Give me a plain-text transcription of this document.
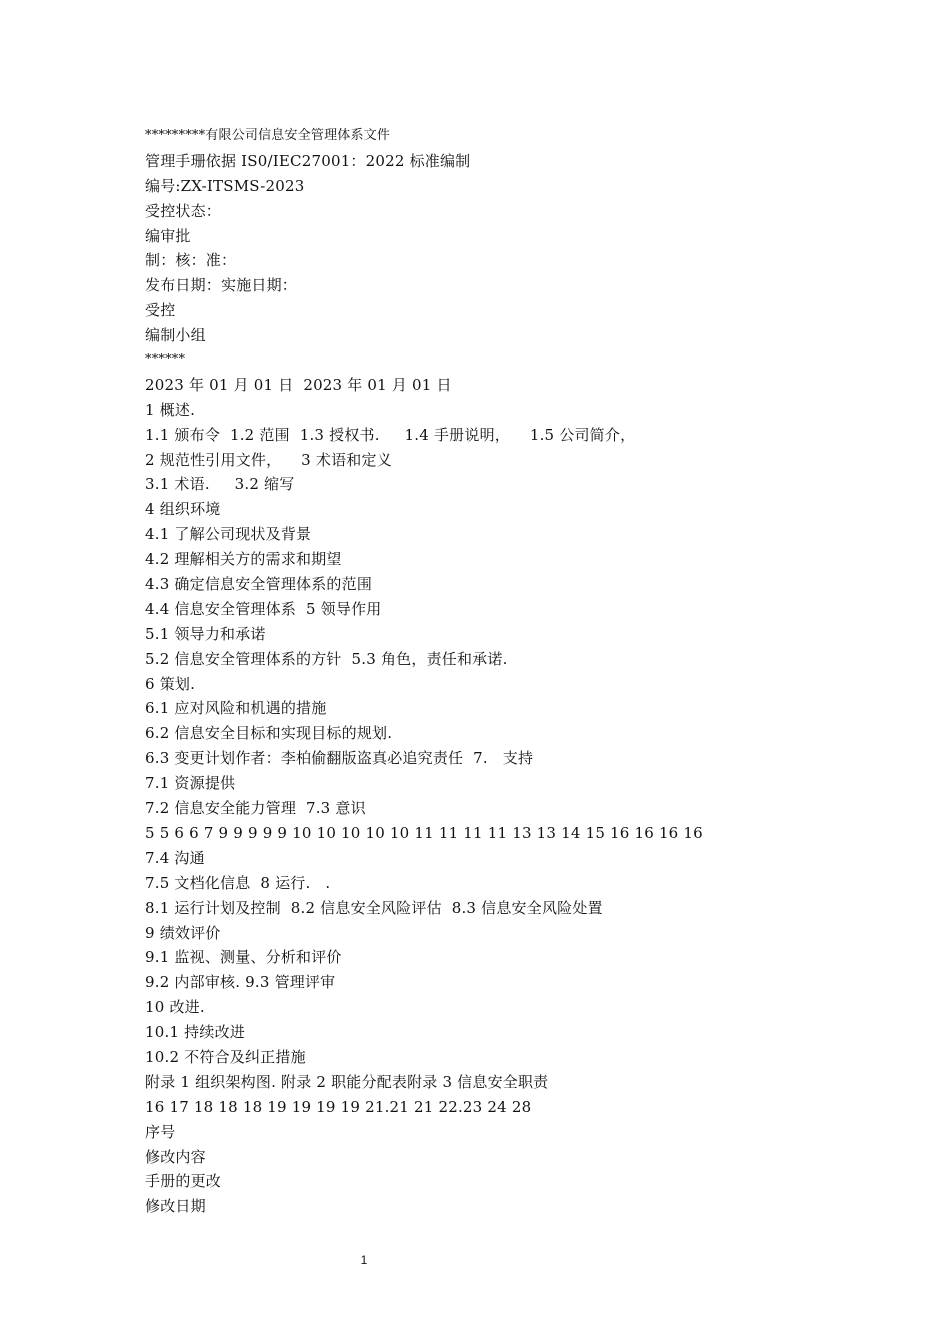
*********有限公司信息安全管理体系文件
管理手珊依据 IS0/IEC27001：2022 标准编制
编号:ZX-ITSMS-2023
受控状态：
编审批
制：核：准：
发布日期：实施日期：
受控
编制小组
******
2023 年 01 月 01 日  2023 年 01 月 01 日
1 概述.
1.1 颁布令  1.2 范围  1.3 授权书.     1.4 手册说明，    1.5 公司简介，
2 规范性引用文件，    3 术语和定义
3.1 术语.     3.2 缩写
4 组织环境
4.1 了解公司现状及背景
4.2 理解相关方的需求和期望
4.3 确定信息安全管理体系的范围
4.4 信息安全管理体系  5 领导作用
5.1 领导力和承诺
5.2 信息安全管理体系的方针  5.3 角色，责任和承诺.
6 策划.
6.1 应对风险和机遇的措施
6.2 信息安全目标和实现目标的规划.
6.3 变更计划作者：李柏偷翻版盗真必追究责任  7.   支持
7.1 资源提供
7.2 信息安全能力管理  7.3 意识
5 5 6 6 7 9 9 9 9 9 10 10 10 10 10 11 11 11 11 13 13 14 15 16 16 16 16
7.4 沟通
7.5 文档化信息  8 运行.   .
8.1 运行计划及控制  8.2 信息安全风险评估  8.3 信息安全风险处置
9 绩效评价
9.1 监视、测量、分析和评价
9.2 内部审核. 9.3 管理评审
10 改进.
10.1 持续改进
10.2 不符合及纠正措施
附录 1 组织架构图. 附录 2 职能分配表附录 3 信息安全职责
16 17 18 18 18 19 19 19 19 21.21 21 22.23 24 28
序号
修改内容
手册的更改
修改日期
1
